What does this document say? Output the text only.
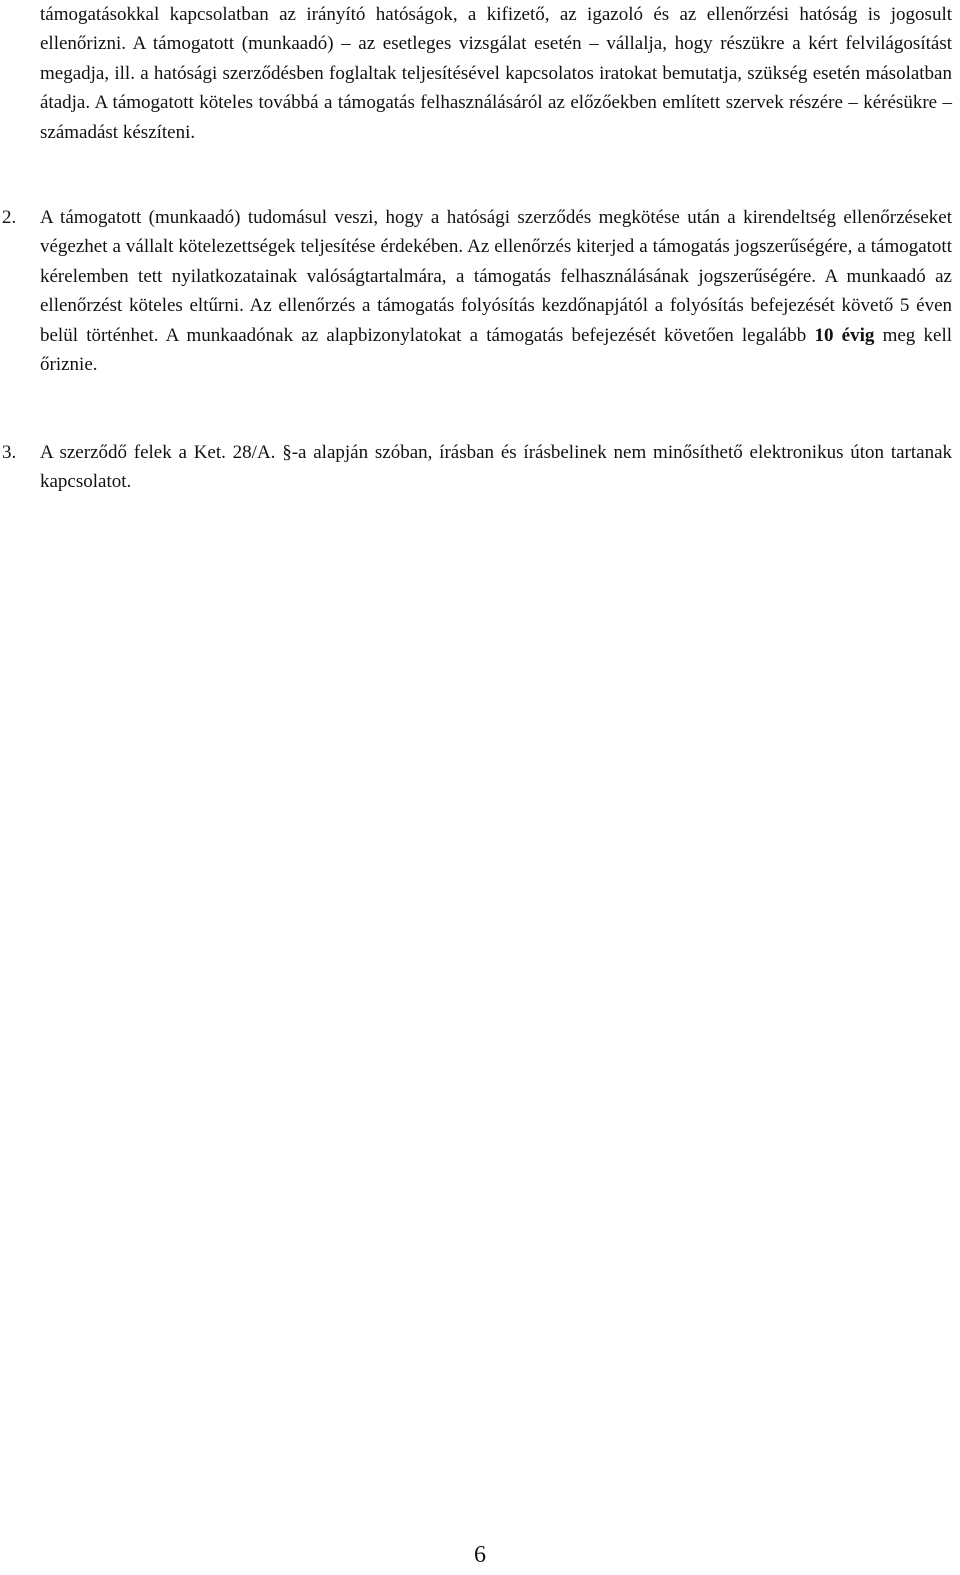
támogatásokkal kapcsolatban az irányító hatóságok, a kifizető, az igazoló és az ellenőrzési hatóság is jogosult ellenőrizni. A támogatott (munkaadó) – az esetleges vizsgálat esetén – vállalja, hogy részükre a kért felvilágosítást megadja, ill. a hatósági szerződésben foglaltak teljesítésével kapcsolatos iratokat bemutatja, szükség esetén másolatban átadja. A támogatott köteles továbbá a támogatás felhasználásáról az előzőekben említett szervek részére – kérésükre – számadást készíteni.

2.	A támogatott (munkaadó) tudomásul veszi, hogy a hatósági szerződés megkötése után a kirendeltség ellenőrzéseket végezhet a vállalt kötelezettségek teljesítése érdekében. Az ellenőrzés kiterjed a támogatás jogszerűségére, a támogatott kérelemben tett nyilatkozatainak valóságtartalmára, a támogatás felhasználásának jogszerűségére. A munkaadó az ellenőrzést köteles eltűrni. Az ellenőrzés a támogatás folyósítás kezdőnapjától a folyósítás befejezését követő 5 éven belül történhet. A munkaadónak az alapbizonylatokat a támogatás befejezését követően legalább 10 évig meg kell őriznie.

3.	A szerződő felek a Ket. 28/A. §-a alapján szóban, írásban és írásbelinek nem minősíthető elektronikus úton tartanak kapcsolatot.

6
